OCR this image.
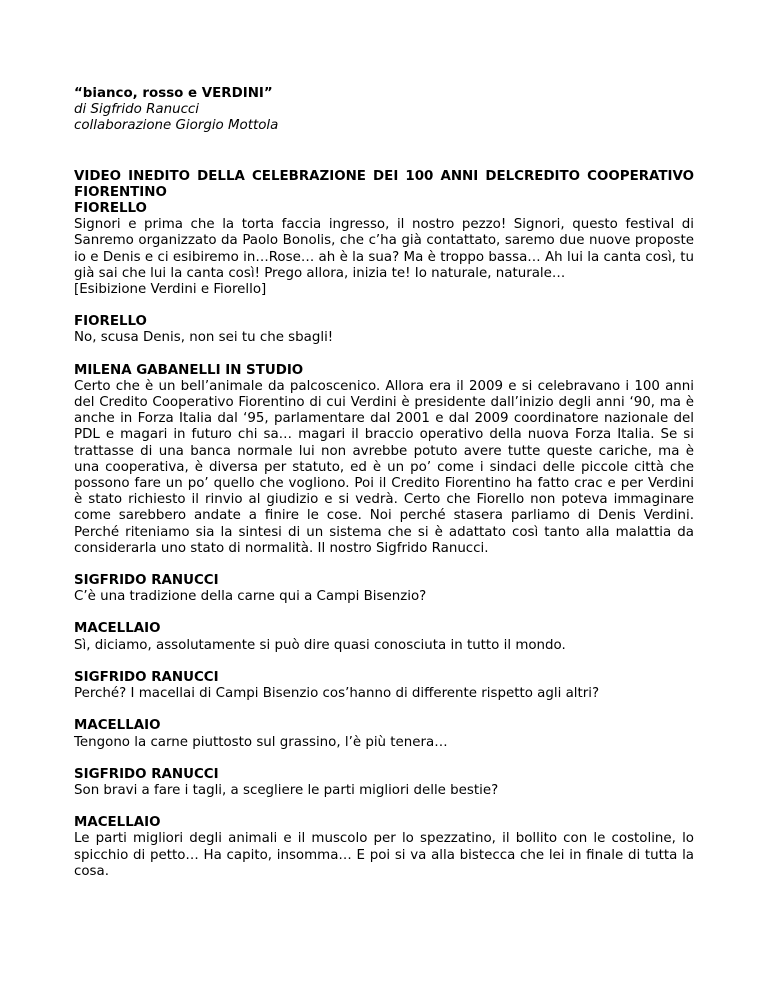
“bianco, rosso e VERDINI”
di Sigfrido Ranucci
collaborazione Giorgio Mottola
VIDEO INEDITO DELLA CELEBRAZIONE DEI 100 ANNI DELCREDITO COOPERATIVO FIORENTINO
FIORELLO
Signori e prima che la torta faccia ingresso, il nostro pezzo! Signori, questo festival di Sanremo organizzato da Paolo Bonolis, che c’ha già contattato, saremo due nuove proposte io e Denis e ci esibiremo in…Rose… ah è la sua? Ma è troppo bassa… Ah lui la canta così, tu già sai che lui la canta così! Prego allora, inizia te! Io naturale, naturale…
[Esibizione Verdini e Fiorello]
FIORELLO
No, scusa Denis, non sei tu che sbagli!
MILENA GABANELLI IN STUDIO
Certo che è un bell’animale da palcoscenico. Allora era il 2009 e si celebravano i 100 anni del Credito Cooperativo Fiorentino di cui Verdini è presidente dall’inizio degli anni ‘90, ma è anche in Forza Italia dal ‘95, parlamentare dal 2001 e dal 2009 coordinatore nazionale del PDL e magari in futuro chi sa… magari il braccio operativo della nuova Forza Italia. Se si trattasse di una banca normale lui non avrebbe potuto avere tutte queste cariche, ma è una cooperativa, è diversa per statuto, ed è un po’ come i sindaci delle piccole città che possono fare un po’ quello che vogliono. Poi il Credito Fiorentino ha fatto crac e per Verdini è stato richiesto il rinvio al giudizio e si vedrà. Certo che Fiorello non poteva immaginare come sarebbero andate a finire le cose. Noi perché stasera parliamo di Denis Verdini. Perché riteniamo sia la sintesi di un sistema che si è adattato così tanto alla malattia da considerarla uno stato di normalità. Il nostro Sigfrido Ranucci.
SIGFRIDO RANUCCI
C’è una tradizione della carne qui a Campi Bisenzio?
MACELLAIO
Sì, diciamo, assolutamente si può dire quasi conosciuta in tutto il mondo.
SIGFRIDO RANUCCI
Perché? I macellai di Campi Bisenzio cos’hanno di differente rispetto agli altri?
MACELLAIO
Tengono la carne piuttosto sul grassino, l’è più tenera…
SIGFRIDO RANUCCI
Son bravi a fare i tagli, a scegliere le parti migliori delle bestie?
MACELLAIO
Le parti migliori degli animali e il muscolo per lo spezzatino, il bollito con le costoline, lo spicchio di petto… Ha capito, insomma… E poi si va alla bistecca che lei in finale di tutta la cosa.
